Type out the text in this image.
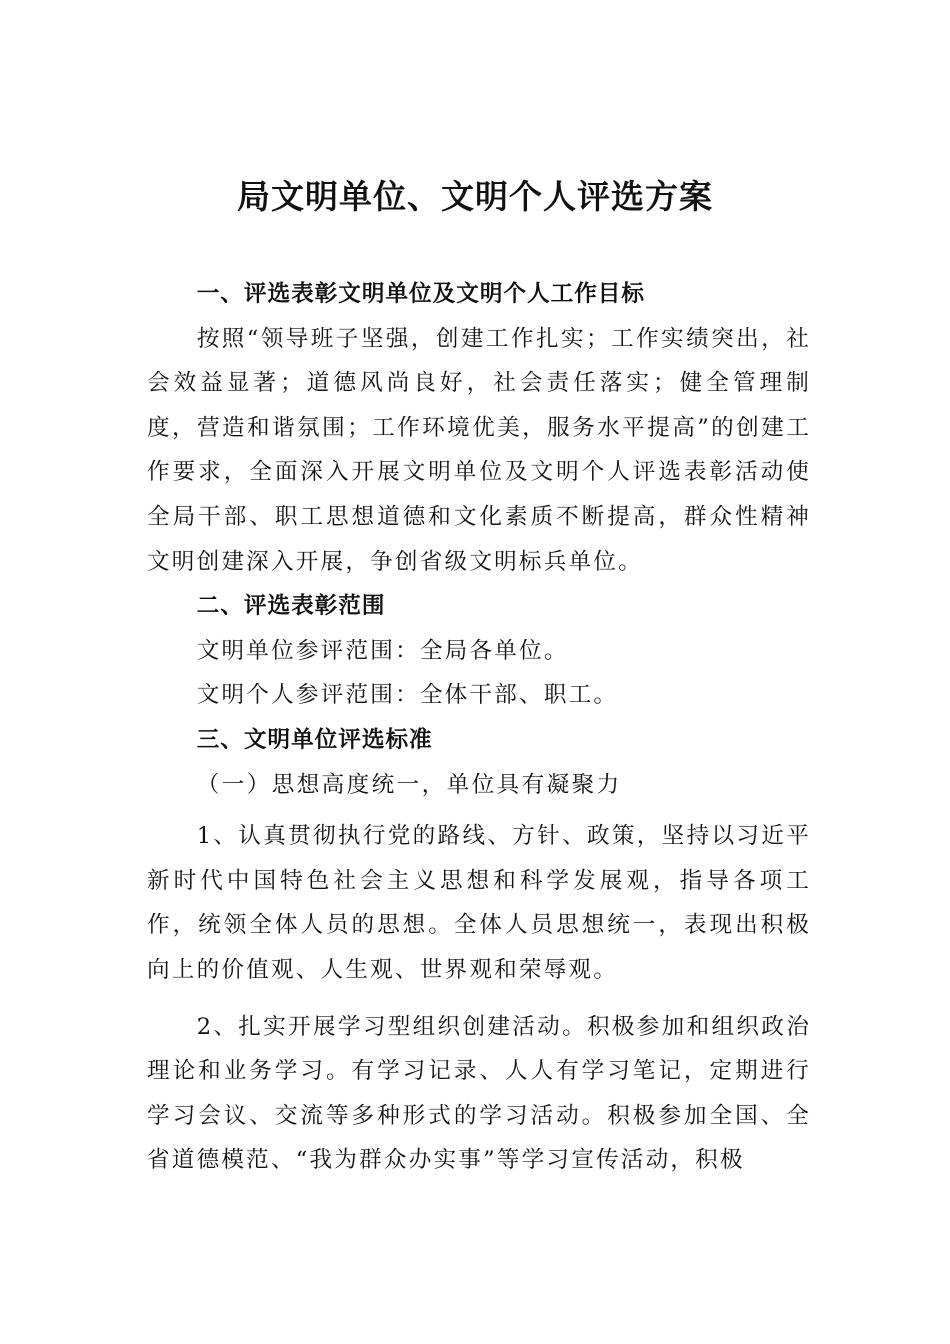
局文明单位、文明个人评选方案

一、评选表彰文明单位及文明个人工作目标

按照“领导班子坚强，创建工作扎实；工作实绩突出，社会效益显著；道德风尚良好，社会责任落实；健全管理制度，营造和谐氛围；工作环境优美，服务水平提高”的创建工作要求，全面深入开展文明单位及文明个人评选表彰活动使全局干部、职工思想道德和文化素质不断提高，群众性精神文明创建深入开展，争创省级文明标兵单位。

二、评选表彰范围

文明单位参评范围：全局各单位。

文明个人参评范围：全体干部、职工。

三、文明单位评选标准

（一）思想高度统一，单位具有凝聚力

1、认真贯彻执行党的路线、方针、政策，坚持以习近平新时代中国特色社会主义思想和科学发展观，指导各项工作，统领全体人员的思想。全体人员思想统一，表现出积极向上的价值观、人生观、世界观和荣辱观。

2、扎实开展学习型组织创建活动。积极参加和组织政治理论和业务学习。有学习记录、人人有学习笔记，定期进行学习会议、交流等多种形式的学习活动。积极参加全国、全省道德模范、“我为群众办实事”等学习宣传活动，积极
